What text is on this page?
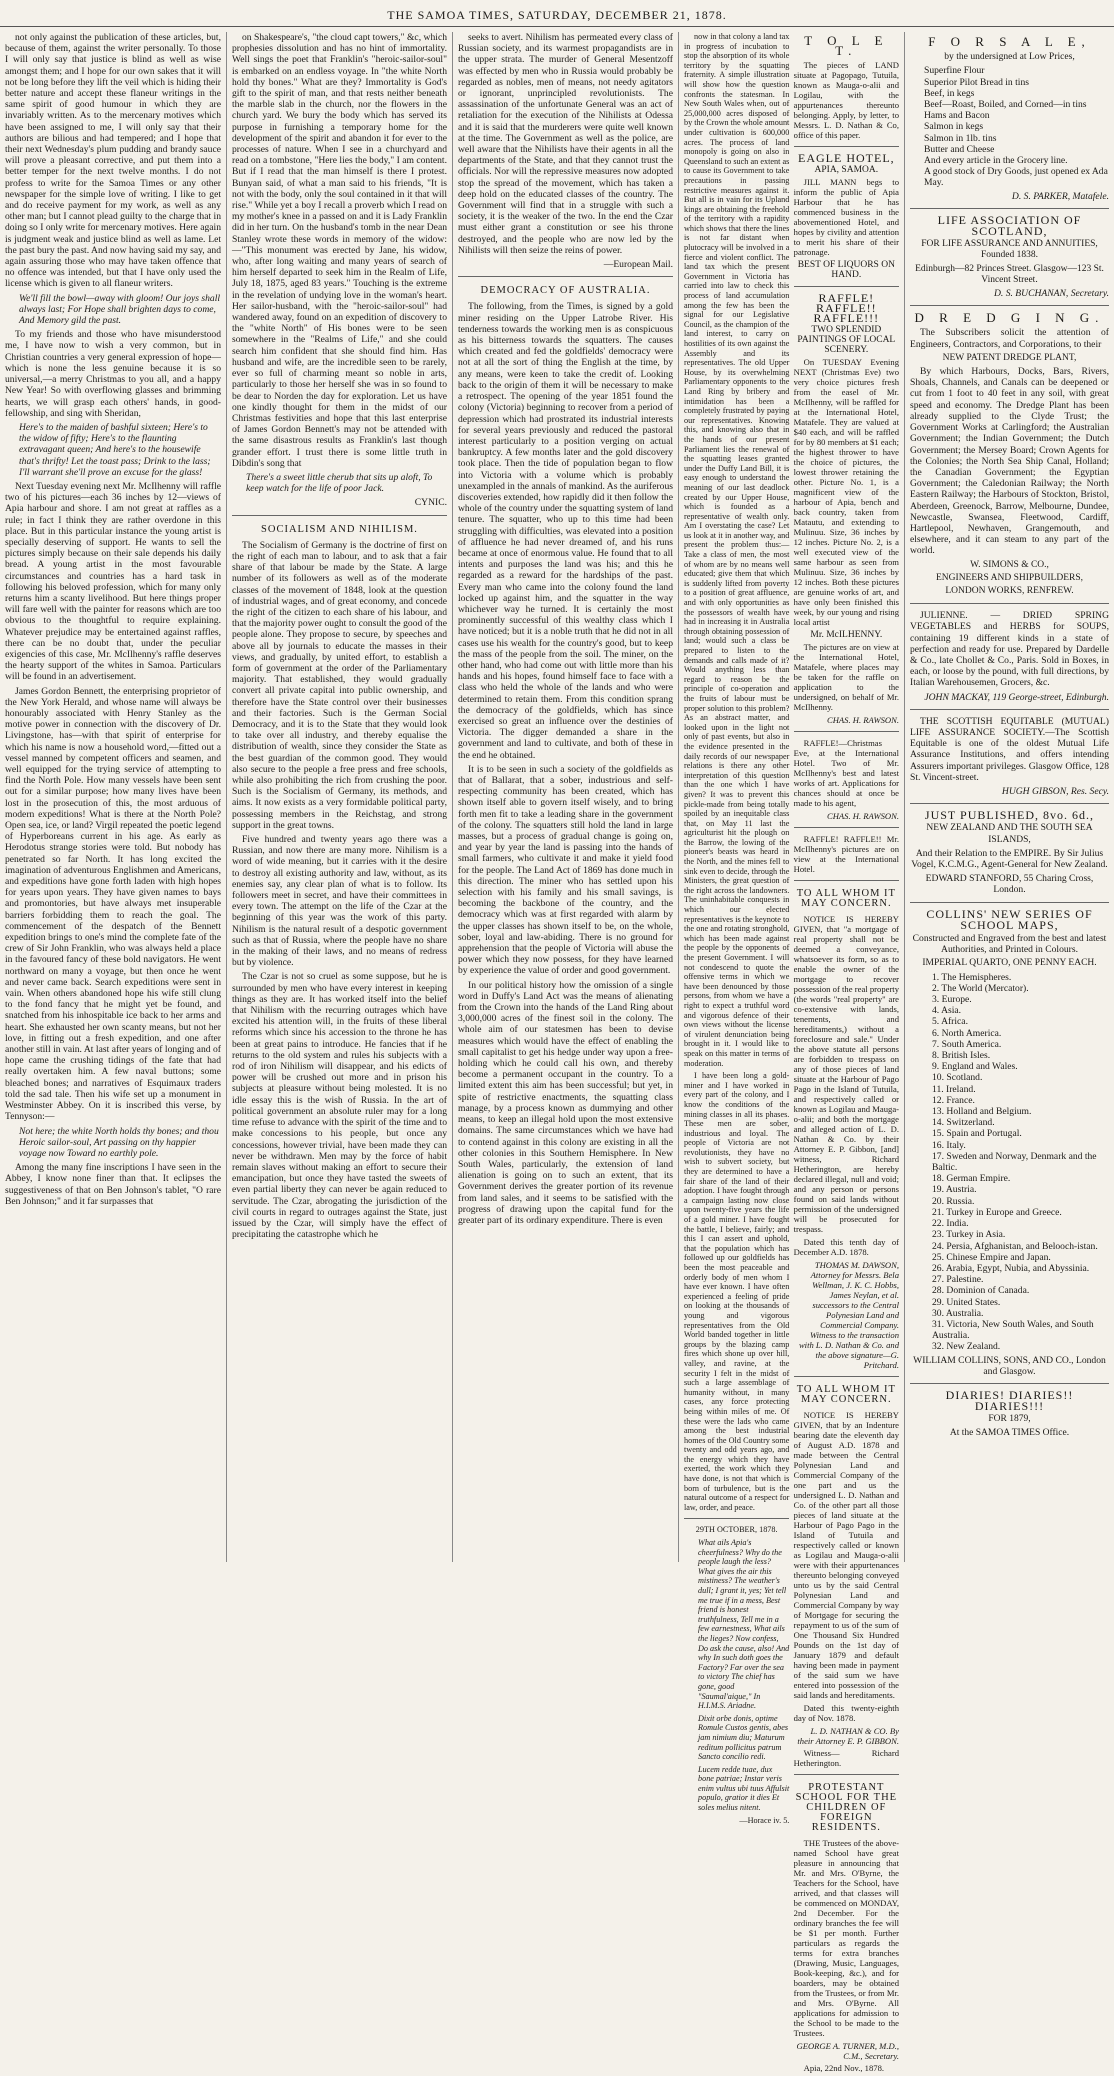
THE SAMOA TIMES, SATURDAY, DECEMBER 21, 1878.

not only against the publication of these articles, but, because of them, against the writer personally. To those I will only say that justice is blind as well as wise amongst them; and I hope for our own sakes that it will not be long before they lift the veil which is hiding their better nature and accept these flaneur writings in the same spirit of good humour in which they are invariably written. As to the mercenary motives which have been assigned to me, I will only say that their authors are bilious and had tempered; and I hope that their next Wednesday's plum pudding and brandy sauce will prove a pleasant corrective, and put them into a better temper for the next twelve months. I do not profess to write for the Samoa Times or any other newspaper for the simple love of writing. I like to get and do receive payment for my work, as well as any other man; but I cannot plead guilty to the charge that in doing so I only write for mercenary motives. Here again is judgment weak and justice blind as well as lame. Let the past bury the past. And now having said my say, and again assuring those who may have taken offence that no offence was intended, but that I have only used the license which is given to all flaneur writers.

We'll fill the bowl—away with gloom! Our joys shall always last; For Hope shall brighten days to come, And Memory gild the past.

To my friends and those who have misunderstood me, I have now to wish a very common, but in Christian countries a very general expression of hope—which is none the less genuine because it is so universal,—a merry Christmas to you all, and a happy New Year! So with overflowing glasses and brimming hearts, we will grasp each others' hands, in good-fellowship, and sing with Sheridan,

Here's to the maiden of bashful sixteen; Here's to the widow of fifty; Here's to the flaunting extravagant queen; And here's to the housewife that's thrifty! Let the toast pass; Drink to the lass; I'll warrant she'll prove an excuse for the glass!

Next Tuesday evening next Mr. McIlhenny will raffle two of his pictures—each 36 inches by 12—views of Apia harbour and shore. I am not great at raffles as a rule; in fact I think they are rather overdone in this place. But in this particular instance the young artist is specially deserving of support. He wants to sell the pictures simply because on their sale depends his daily bread. A young artist in the most favourable circumstances and countries has a hard task in following his beloved profession, which for many only returns him a scanty livelihood. But here things proper will fare well with the painter for reasons which are too obvious to the thoughtful to require explaining. Whatever prejudice may be entertained against raffles, there can be no doubt that, under the peculiar exigencies of this case, Mr. McIlhenny's raffle deserves the hearty support of the whites in Samoa. Particulars will be found in an advertisement.

James Gordon Bennett, the enterprising proprietor of the New York Herald, and whose name will always be honourably associated with Henry Stanley as the motive power in connection with the discovery of Dr. Livingstone, has—with that spirit of enterprise for which his name is now a household word,—fitted out a vessel manned by competent officers and seamen, and well equipped for the trying service of attempting to find the North Pole. How many vessels have been sent out for a similar purpose; how many lives have been lost in the prosecution of this, the most arduous of modern expeditions! What is there at the North Pole? Open sea, ice, or land? Virgil repeated the poetic legend of Hyperboreans current in his age. As early as Herodotus strange stories were told. But nobody has penetrated so far North. It has long excited the imagination of adventurous Englishmen and Americans, and expeditions have gone forth laden with high hopes for years upon years. They have given names to bays and promontories, but have always met insuperable barriers forbidding them to reach the goal. The commencement of the despatch of the Bennett expedition brings to one's mind the complete fate of the crew of Sir John Franklin, who was always held a place in the favoured fancy of these bold navigators. He went northward on many a voyage, but then once he went and never came back. Search expeditions were sent in vain. When others abandoned hope his wife still clung to the fond fancy that he might yet be found, and snatched from his inhospitable ice back to her arms and heart. She exhausted her own scanty means, but not her love, in fitting out a fresh expedition, and one after another still in vain. At last after years of longing and of hope came the crushing tidings of the fate that had really overtaken him. A few naval buttons; some bleached bones; and narratives of Esquimaux traders told the sad tale. Then his wife set up a monument in Westminster Abbey. On it is inscribed this verse, by Tennyson:—

Not here; the white North holds thy bones; and thou Heroic sailor-soul, Art passing on thy happier voyage now Toward no earthly pole.

Among the many fine inscriptions I have seen in the Abbey, I know none finer than that. It eclipses the suggestiveness of that on Ben Johnson's tablet, "O rare Ben Johnson;" and it far surpasses that

on Shakespeare's, "the cloud capt towers," &c, which prophesies dissolution and has no hint of immortality. Well sings the poet that Franklin's "heroic-sailor-soul" is embarked on an endless voyage. In "the white North hold thy bones." What are they? Immortality is God's gift to the spirit of man, and that rests neither beneath the marble slab in the church, nor the flowers in the church yard. We bury the body which has served its purpose in furnishing a temporary home for the development of the spirit and abandon it for ever to the processes of nature. When I see in a churchyard and read on a tombstone, "Here lies the body," I am content. But if I read that the man himself is there I protest. Bunyan said, of what a man said to his friends, "It is not with the body, only the soul contained in it that will rise." While yet a boy I recall a proverb which I read on my mother's knee in a passed on and it is Lady Franklin did in her turn. On the husband's tomb in the near Dean Stanley wrote these words in memory of the widow:—"This monument was erected by Jane, his widow, who, after long waiting and many years of search of him herself departed to seek him in the Realm of Life, July 18, 1875, aged 83 years." Touching is the extreme in the revelation of undying love in the woman's heart. Her sailor-husband, with the "heroic-sailor-soul" had wandered away, found on an expedition of discovery to the "white North" of His bones were to be seen somewhere in the "Realms of Life," and she could search him confident that she should find him. Has husband and wife, are the incredible seen to be rarely, ever so full of charming meant so noble in arts, particularly to those her herself she was in so found to be dear to Norden the day for exploration. Let us have one kindly thought for them in the midst of our Christmas festivities and hope that this last enterprise of James Gordon Bennett's may not be attended with the same disastrous results as Franklin's last though grander effort. I trust there is some little truth in Dibdin's song that

There's a sweet little cherub that sits up aloft, To keep watch for the life of poor Jack.

CYNIC.

SOCIALISM AND NIHILISM.

The Socialism of Germany is the doctrine of first on the right of each man to labour, and to ask that a fair share of that labour be made by the State. A large number of its followers as well as of the moderate classes of the movement of 1848, look at the question of industrial wages, and of great economy, and concede the right of the citizen to each share of his labour, and that the majority power ought to consult the good of the people alone. They propose to secure, by speeches and above all by journals to educate the masses in their views, and gradually, by united effort, to establish a form of government at the order of the Parliamentary majority. That established, they would gradually convert all private capital into public ownership, and therefore have the State control over their businesses and their factories. Such is the German Social Democracy, and it is to the State that they would look to take over all industry, and thereby equalise the distribution of wealth, since they consider the State as the best guardian of the common good. They would also secure to the people a free press and free schools, while also prohibiting the rich from crushing the poor. Such is the Socialism of Germany, its methods, and aims. It now exists as a very formidable political party, possessing members in the Reichstag, and strong support in the great towns.

Five hundred and twenty years ago there was a Russian, and now there are many more. Nihilism is a word of wide meaning, but it carries with it the desire to destroy all existing authority and law, without, as its enemies say, any clear plan of what is to follow. Its followers meet in secret, and have their committees in every town. The attempt on the life of the Czar at the beginning of this year was the work of this party. Nihilism is the natural result of a despotic government such as that of Russia, where the people have no share in the making of their laws, and no means of redress but by violence.

The Czar is not so cruel as some suppose, but he is surrounded by men who have every interest in keeping things as they are. It has worked itself into the belief that Nihilism with the recurring outrages which have excited his attention will, in the fruits of these liberal reforms which since his accession to the throne he has been at great pains to introduce. He fancies that if he returns to the old system and rules his subjects with a rod of iron Nihilism will disappear, and his edicts of power will be crushed out more and in prison his subjects at pleasure without being molested. It is no idle essay this is the wish of Russia. In the art of political government an absolute ruler may for a long time refuse to advance with the spirit of the time and to make concessions to his people, but once any concessions, however trivial, have been made they can never be withdrawn. Men may by the force of habit remain slaves without making an effort to secure their emancipation, but once they have tasted the sweets of even partial liberty they can never be again reduced to servitude. The Czar, abrogating the jurisdiction of the civil courts in regard to outrages against the State, just issued by the Czar, will simply have the effect of precipitating the catastrophe which he

seeks to avert. Nihilism has permeated every class of Russian society, and its warmest propagandists are in the upper strata. The murder of General Mesentzoff was effected by men who in Russia would probably be regarded as nobles, men of means, not needy agitators or ignorant, unprincipled revolutionists. The assassination of the unfortunate General was an act of retaliation for the execution of the Nihilists at Odessa and it is said that the murderers were quite well known at the time. The Government as well as the police, are well aware that the Nihilists have their agents in all the departments of the State, and that they cannot trust the officials. Nor will the repressive measures now adopted stop the spread of the movement, which has taken a deep hold on the educated classes of the country. The Government will find that in a struggle with such a society, it is the weaker of the two. In the end the Czar must either grant a constitution or see his throne destroyed, and the people who are now led by the Nihilists will then seize the reins of power.

—European Mail.

DEMOCRACY OF AUSTRALIA.

The following, from the Times, is signed by a gold miner residing on the Upper Latrobe River. His tenderness towards the working men is as conspicuous as his bitterness towards the squatters. The causes which created and fed the goldfields' democracy were not at all the sort of thing the English at the time, by any means, were keen to take the credit of. Looking back to the origin of them it will be necessary to make a retrospect. The opening of the year 1851 found the colony (Victoria) beginning to recover from a period of depression which had prostrated its industrial interests for several years previously and reduced the pastoral interest particularly to a position verging on actual bankruptcy. A few months later and the gold discovery took place. Then the tide of population began to flow into Victoria with a volume which is probably unexampled in the annals of mankind. As the auriferous discoveries extended, how rapidly did it then follow the whole of the country under the squatting system of land tenure. The squatter, who up to this time had been struggling with difficulties, was elevated into a position of affluence he had never dreamed of, and his runs became at once of enormous value. He found that to all intents and purposes the land was his; and this he regarded as a reward for the hardships of the past. Every man who came into the colony found the land locked up against him, and the squatter in the way whichever way he turned. It is certainly the most prominently successful of this wealthy class which I have noticed; but it is a noble truth that he did not in all cases use his wealth for the country's good, but to keep the mass of the people from the soil. The miner, on the other hand, who had come out with little more than his hands and his hopes, found himself face to face with a class who held the whole of the lands and who were determined to retain them. From this condition sprang the democracy of the goldfields, which has since exercised so great an influence over the destinies of Victoria. The digger demanded a share in the government and land to cultivate, and both of these in the end he obtained.

It is to be seen in such a society of the goldfields as that of Ballarat, that a sober, industrious and self-respecting community has been created, which has shown itself able to govern itself wisely, and to bring forth men fit to take a leading share in the government of the colony. The squatters still hold the land in large masses, but a process of gradual change is going on, and year by year the land is passing into the hands of small farmers, who cultivate it and make it yield food for the people. The Land Act of 1869 has done much in this direction. The miner who has settled upon his selection with his family and his small savings, is becoming the backbone of the country, and the democracy which was at first regarded with alarm by the upper classes has shown itself to be, on the whole, sober, loyal and law-abiding. There is no ground for apprehension that the people of Victoria will abuse the power which they now possess, for they have learned by experience the value of order and good government.

In our political history how the omission of a single word in Duffy's Land Act was the means of alienating from the Crown into the hands of the Land Ring about 3,000,000 acres of the finest soil in the colony. The whole aim of our statesmen has been to devise measures which would have the effect of enabling the small capitalist to get his hedge under way upon a free-holding which he could call his own, and thereby become a permanent occupant in the country. To a limited extent this aim has been successful; but yet, in spite of restrictive enactments, the squatting class manage, by a process known as dummying and other means, to keep an illegal hold upon the most extensive domains. The same circumstances which we have had to contend against in this colony are existing in all the other colonies in this Southern Hemisphere. In New South Wales, particularly, the extension of land alienation is going on to such an extent, that its Government derives the greater portion of its revenue from land sales, and it seems to be satisfied with the progress of drawing upon the capital fund for the greater part of its ordinary expenditure. There is even

now in that colony a land tax in progress of incubation to stop the absorption of its whole territory by the squatting fraternity. A simple illustration will show how the question confronts the statesman. In New South Wales when, out of 25,000,000 acres disposed of by the Crown the whole amount under cultivation is 600,000 acres. The process of land monopoly is going on also in Queensland to such an extent as to cause its Government to take precautions in passing restrictive measures against it. But all is in vain for its Upland kings are obtaining the freehold of the territory with a rapidity which shows that there the lines is not far distant when plutocracy will be involved in a fierce and violent conflict. The land tax which the present Government in Victoria has carried into law to check this process of land accumulation among the few has been the signal for our Legislative Council, as the champion of the land interest, to carry on hostilities of its own against the Assembly and its representatives. The old Upper House, by its overwhelming Parliamentary opponents to the Land Ring by bribery and intimidation has been a completely frustrated by paying our representatives. Knowing this, and knowing also that in the hands of our present Parliament lies the renewal of the squatting leases granted under the Duffy Land Bill, it is easy enough to understand the meaning of our last deadlock created by our Upper House, which is founded as a representative of wealth only. Am I overstating the case? Let us look at it in another way, and present the problem thus:—Take a class of men, the most of whom are by no means well educated; give them that which is suddenly lifted from poverty to a position of great affluence, and with only opportunities as the possessors of wealth have had in increasing it in Australia through obtaining possession of land; would such a class be prepared to listen to the demands and calls made of it? Would anything less than regard to reason be the principle of co-operation and the fruits of labour must be proper solution to this problem? As an abstract matter, and looked upon in the light not only of past events, but also in the evidence presented in the daily records of our newspaper relations is there any other interpretation of this question than the one which I have given? It was to prevent this pickle-made from being totally spoiled by an inequitable class that, on May 11 last the agriculturist hit the plough on the Barrow, the lowing of the pioneer's beasts was heard in the North, and the mines fell to sink even to decide, through the Ministers, the great question of the right across the landowners. The uninhabitable conquests in which our elected representatives is the keynote to the one and rotating stronghold, which has been made against the people by the opponents of the present Government. I will not condescend to quote the offensive terms in which we have been denounced by those persons, from whom we have a right to expect a truthful word and vigorous defence of their own views without the license of virulent denunciation being brought in it. I would like to speak on this matter in terms of moderation.

I have been long a gold-miner and I have worked in every part of the colony, and I know the conditions of the mining classes in all its phases. These men are sober, industrious and loyal. The people of Victoria are not revolutionists, they have no wish to subvert society, but they are determined to have a fair share of the land of their adoption. I have fought through a campaign lasting now close upon twenty-five years the life of a gold miner. I have fought the battle, I believe, fairly; and this I can assert and uphold, that the population which has followed up our goldfields has been the most peaceable and orderly body of men whom I have ever known. I have often experienced a feeling of pride on looking at the thousands of young and vigorous representatives from the Old World banded together in little groups by the blazing camp fires which shone up over hill, valley, and ravine, at the security I felt in the midst of such a large assemblage of humanity without, in many cases, any force protecting being within miles of me. Of these were the lads who came among the best industrial homes of the Old Country some twenty and odd years ago, and the energy which they have exerted, the work which they have done, is not that which is born of turbulence, but is the natural outcome of a respect for law, order, and peace.

29TH OCTOBER, 1878.

What ails Apia's cheerfulness? Why do the people laugh the less? What gives the air this mistiness? The weather's dull; I grant it, yes; Yet tell me true if in a mess, Best friend is honest truthfulness, Tell me in a few earnestness, What ails the lieges? Now confess, Do ask the cause, also! And why In such doth goes the Factory? Far over the sea to victory The chief has gone, good "Saumal'aique," In H.I.M.S. Ariadne.

Dixit orbe donis, optime Romule Custos gentis, abes jam nimium diu; Maturum reditum pollicitus patrum Sancto concilio redi.

Lucem redde tuae, dux bone patriae; Instar veris enim vultus ubi tuus Affulsit populo, gratior it dies Et soles melius nitent.

—Horace iv. 5.

T O L E T.

The pieces of LAND situate at Pagopago, Tutuila, known as Mauga-o-alii and Logilau, with the appurtenances thereunto belonging. Apply, by letter, to Messrs. L. D. Nathan & Co, office of this paper.

EAGLE HOTEL,

APIA, SAMOA.

JILL MANN begs to inform the public of Apia Harbour that he has commenced business in the abovementioned Hotel, and hopes by civility and attention to merit his share of their patronage.

BEST OF LIQUORS ON HAND.

RAFFLE! RAFFLE!! RAFFLE!!!

TWO SPLENDID PAINTINGS OF LOCAL SCENERY.

On TUESDAY Evening NEXT (Christmas Eve) two very choice pictures fresh from the easel of Mr. McIlhenny, will be raffled for at the International Hotel, Matafele. They are valued at $40 each, and will be raffled for by 80 members at $1 each; the highest thrower to have the choice of pictures, the lowest thrower retaining the other. Picture No. 1, is a magnificent view of the harbour of Apia, bench and back country, taken from Matautu, and extending to Mulinuu. Size, 36 inches by 12 inches. Picture No. 2, is a well executed view of the same harbour as seen from Mulinuu. Size, 36 inches by 12 inches. Both these pictures are genuine works of art, and have only been finished this week, by our young and rising local artist

Mr. McILHENNY.

The pictures are on view at the International Hotel, Matafele, where places may be taken for the raffle on application to the undersigned, on behalf of Mr. McIlhenny.

CHAS. H. RAWSON.

RAFFLE!—Christmas Eve, at the International Hotel. Two of Mr. McIlhenny's best and latest works of art. Applications for chances should at once be made to his agent,

CHAS. H. RAWSON.

RAFFLE! RAFFLE!! Mr. McIlhenny's pictures are on view at the International Hotel.

TO ALL WHOM IT MAY CONCERN.

NOTICE IS HEREBY GIVEN, that "a mortgage of real property shall not be deemed a conveyance, whatsoever its form, so as to enable the owner of the mortgage to recover possession of the real property (the words "real property" are co-extensive with lands, tenements, and hereditaments,) without a foreclosure and sale." Under the above statute all persons are forbidden to trespass on any of those pieces of land situate at the Harbour of Pago Pago in the Island of Tutuila, and respectively called or known as Logilau and Mauga-o-alii; and both the mortgage and alleged action of L. D. Nathan & Co. by their Attorney E. P. Gibbon, [and] witness, Richard Hetherington, are hereby declared illegal, null and void; and any person or persons found on said lands without permission of the undersigned will be prosecuted for trespass.

Dated this tenth day of December A.D. 1878.

THOMAS M. DAWSON, Attorney for Messrs. Bela Wellman, J. K. C. Hobbs, James Neylan, et al. successors to the Central Polynesian Land and Commercial Company. Witness to the transaction with L. D. Nathan & Co. and the above signature—G. Pritchard.

TO ALL WHOM IT MAY CONCERN.

NOTICE IS HEREBY GIVEN, that by an Indenture bearing date the eleventh day of August A.D. 1878 and made between the Central Polynesian Land and Commercial Company of the one part and us the undersigned L. D. Nathan and Co. of the other part all those pieces of land situate at the Harbour of Pago Pago in the Island of Tutuila and respectively called or known as Logilau and Mauga-o-alii were with their appurtenances thereunto belonging conveyed unto us by the said Central Polynesian Land and Commercial Company by way of Mortgage for securing the repayment to us of the sum of One Thousand Six Hundred Pounds on the 1st day of January 1879 and default having been made in payment of the said sum we have entered into possession of the said lands and hereditaments.

Dated this twenty-eighth day of Nov. 1878.

L. D. NATHAN & CO. By their Attorney E. P. GIBBON.

Witness— Richard Hetherington.

PROTESTANT SCHOOL FOR THE CHILDREN OF FOREIGN RESIDENTS.

THE Trustees of the above-named School have great pleasure in announcing that Mr. and Mrs. O'Byrne, the Teachers for the School, have arrived, and that classes will be commenced on MONDAY, 2nd December. For the ordinary branches the fee will be $1 per month. Further particulars as regards the terms for extra branches (Drawing, Music, Languages, Book-keeping, &c.), and for boarders, may be obtained from the Trustees, or from Mr. and Mrs. O'Byrne. All applications for admission to the School to be made to the Trustees.

GEORGE A. TURNER, M.D., C.M., Secretary.

Apia, 22nd Nov., 1878.

F O R S A L E,

by the undersigned at Low Prices,

Superfine Flour
Superior Pilot Bread in tins
Beef, in kegs
Beef—Roast, Boiled, and Corned—in tins
Hams and Bacon
Salmon in kegs
Salmon in 1lb. tins
Butter and Cheese
And every article in the Grocery line.
A good stock of Dry Goods, just opened ex Ada May.

D. S. PARKER, Matafele.

LIFE ASSOCIATION OF SCOTLAND,

FOR LIFE ASSURANCE AND ANNUITIES, Founded 1838.

Edinburgh—82 Princes Street. Glasgow—123 St. Vincent Street.

D. S. BUCHANAN, Secretary.

D R E D G I N G.

The Subscribers solicit the attention of Engineers, Contractors, and Corporations, to their

NEW PATENT DREDGE PLANT,

By which Harbours, Docks, Bars, Rivers, Shoals, Channels, and Canals can be deepened or cut from 1 foot to 40 feet in any soil, with great speed and economy. The Dredge Plant has been already supplied to the Clyde Trust; the Government Works at Carlingford; the Australian Government; the Indian Government; the Dutch Government; the Mersey Board; Crown Agents for the Colonies; the North Sea Ship Canal, Holland; the Canadian Government; the Egyptian Government; the Caledonian Railway; the North Eastern Railway; the Harbours of Stockton, Bristol, Aberdeen, Greenock, Barrow, Melbourne, Dundee, Newcastle, Swansea, Fleetwood, Cardiff, Hartlepool, Newhaven, Grangemouth, and elsewhere, and it can steam to any part of the world.

W. SIMONS & CO.,

ENGINEERS AND SHIPBUILDERS,

LONDON WORKS, RENFREW.

JULIENNE. — DRIED SPRING VEGETABLES and HERBS for SOUPS, containing 19 different kinds in a state of perfection and ready for use. Prepared by Dardelle & Co., late Chollet & Co., Paris. Sold in Boxes, in each, or loose by the pound, with full directions, by Italian Warehousemen, Grocers, &c.

JOHN MACKAY, 119 George-street, Edinburgh.

THE SCOTTISH EQUITABLE (MUTUAL) LIFE ASSURANCE SOCIETY.—The Scottish Equitable is one of the oldest Mutual Life Assurance Institutions, and offers intending Assurers important privileges. Glasgow Office, 128 St. Vincent-street.

HUGH GIBSON, Res. Secy.

JUST PUBLISHED, 8vo. 6d.,

NEW ZEALAND AND THE SOUTH SEA ISLANDS,

And their Relation to the EMPIRE. By Sir Julius Vogel, K.C.M.G., Agent-General for New Zealand.

EDWARD STANFORD, 55 Charing Cross, London.

COLLINS' NEW SERIES OF SCHOOL MAPS,

Constructed and Engraved from the best and latest Authorities, and Printed in Colours.

IMPERIAL QUARTO, ONE PENNY EACH.

1. The Hemispheres.
2. The World (Mercator).
3. Europe.
4. Asia.
5. Africa.
6. North America.
7. South America.
8. British Isles.
9. England and Wales.
10. Scotland.
11. Ireland.
12. France.
13. Holland and Belgium.
14. Switzerland.
15. Spain and Portugal.
16. Italy.
17. Sweden and Norway, Denmark and the Baltic.
18. German Empire.
19. Austria.
20. Russia.
21. Turkey in Europe and Greece.
22. India.
23. Turkey in Asia.
24. Persia, Afghanistan, and Belooch-istan.
25. Chinese Empire and Japan.
26. Arabia, Egypt, Nubia, and Abyssinia.
27. Palestine.
28. Dominion of Canada.
29. United States.
30. Australia.
31. Victoria, New South Wales, and South Australia.
32. New Zealand.

WILLIAM COLLINS, SONS, AND CO., London and Glasgow.

DIARIES! DIARIES!! DIARIES!!!

FOR 1879,

At the SAMOA TIMES Office.
